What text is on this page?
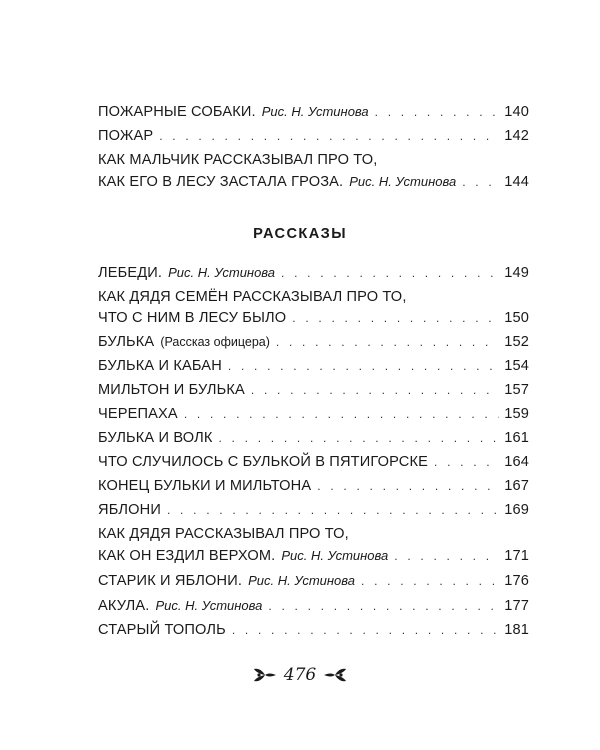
ПОЖАРНЫЕ СОБАКИ. Рис. Н. Устинова . . .	140
ПОЖАР . . .	142
КАК МАЛЬЧИК РАССКАЗЫВАЛ ПРО ТО,
КАК ЕГО В ЛЕСУ ЗАСТАЛА ГРОЗА. Рис. Н. Устинова . . .	144
РАССКАЗЫ
ЛЕБЕДИ. Рис. Н. Устинова . . .	149
КАК ДЯДЯ СЕМЁН РАССКАЗЫВАЛ ПРО ТО,
ЧТО С НИМ В ЛЕСУ БЫЛО . . .	150
БУЛЬКА (Рассказ офицера) . . .	152
БУЛЬКА И КАБАН . . .	154
МИЛЬТОН И БУЛЬКА . . .	157
ЧЕРЕПАХА . . .	159
БУЛЬКА И ВОЛК . . .	161
ЧТО СЛУЧИЛОСЬ С БУЛЬКОЙ В ПЯТИГОРСКЕ . . .	164
КОНЕЦ БУЛЬКИ И МИЛЬТОНА . . .	167
ЯБЛОНИ . . .	169
КАК ДЯДЯ РАССКАЗЫВАЛ ПРО ТО,
КАК ОН ЕЗДИЛ ВЕРХОМ. Рис. Н. Устинова . . .	171
СТАРИК И ЯБЛОНИ. Рис. Н. Устинова . . .	176
АКУЛА. Рис. Н. Устинова . . .	177
СТАРЫЙ ТОПОЛЬ . . .	181
476
